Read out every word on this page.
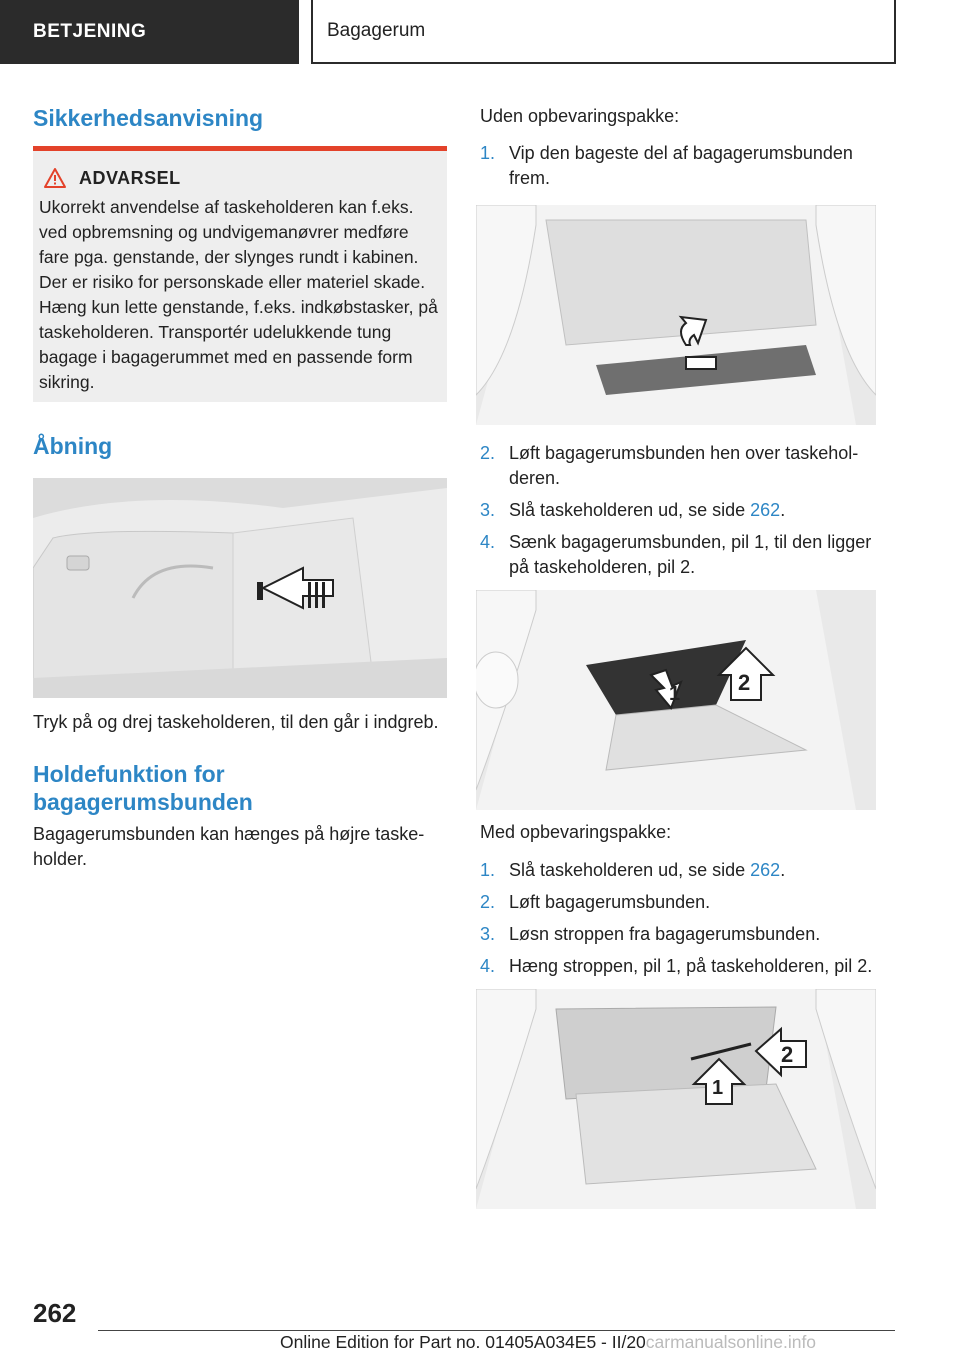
BETJENING	Bagagerum
Sikkerhedsanvisning
ADVARSEL

Ukorrekt anvendelse af taskeholderen kan f.eks. ved opbremsning og undvigemanøvrer medføre fare pga. genstande, der slynges rundt i kabinen. Der er risiko for personskade eller materiel skade. Hæng kun lette genstande, f.eks. indkøbstasker, på taskeholderen. Transportér udelukkende tung bagage i bagagerummet med en passende form sikring.

Åbning

Tryk på og drej taskeholderen, til den går i indgreb.

Holdefunktion for bagagerumsbunden

Bagagerumsbunden kan hænges på højre taskeholder.

Uden opbevaringspakke:

1. Vip den bageste del af bagagerumsbunden frem.
2. Løft bagagerumsbunden hen over taskeholderen.
3. Slå taskeholderen ud, se side 262.
4. Sænk bagagerumsbunden, pil 1, til den ligger på taskeholderen, pil 2.
1	2

Med opbevaringspakke:

1. Slå taskeholderen ud, se side 262.
2. Løft bagagerumsbunden.
3. Løsn stroppen fra bagagerumsbunden.
4. Hæng stroppen, pil 1, på taskeholderen, pil 2.
1
2
262
Online Edition for Part no. 01405A034E5 - II/20carmanualsonline.info
